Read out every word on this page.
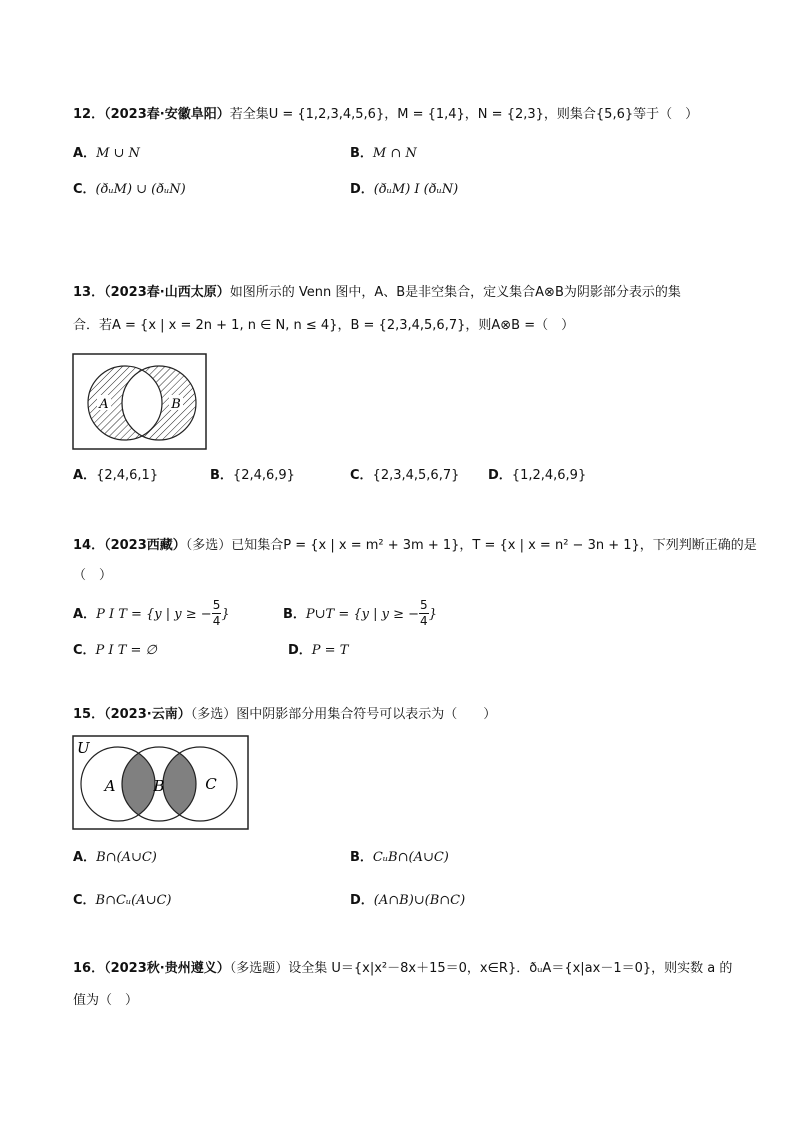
12．（2023春·安徽阜阳）若全集U = {1,2,3,4,5,6}，M = {1,4}，N = {2,3}，则集合{5,6}等于（　）
A．M ∪ N	B．M ∩ N
C．(ðᵤM) ∪ (ðᵤN)	D．(ðᵤM) I (ðᵤN)
13．（2023春·山西太原）如图所示的 Venn 图中，A、B是非空集合，定义集合A⊗B为阴影部分表示的集
合．若A = {x | x = 2n + 1, n ∈ N, n ≤ 4}，B = {2,3,4,5,6,7}，则A⊗B =（　）
A	B
A．{2,4,6,1}	B．{2,4,6,9}	C．{2,3,4,5,6,7} D．{1,2,4,6,9}
14．（2023西藏）（多选）已知集合P = {x | x = m² + 3m + 1}，T = {x | x = n² − 3n + 1}，下列判断正确的是
（　）
A．P I T = {y | y ≥ − $\frac{5}{4}$ }	B．P∪T = {y | y ≥ − $\frac{5}{4}$ }
C．P I T = ∅	D．P = T
15．（2023·云南）（多选）图中阴影部分用集合符号可以表示为（　　）
U
A	B	C
A．B∩(A∪C)	B．CᵤB∩(A∪C)
C．B∩Cᵤ(A∪C)	D．(A∩B)∪(B∩C)
16．（2023秋·贵州遵义）（多选题）设全集 U＝{x|x²－8x＋15＝0，x∈R}．ðᵤA＝{x|ax－1＝0}，则实数 a 的
值为（　）
